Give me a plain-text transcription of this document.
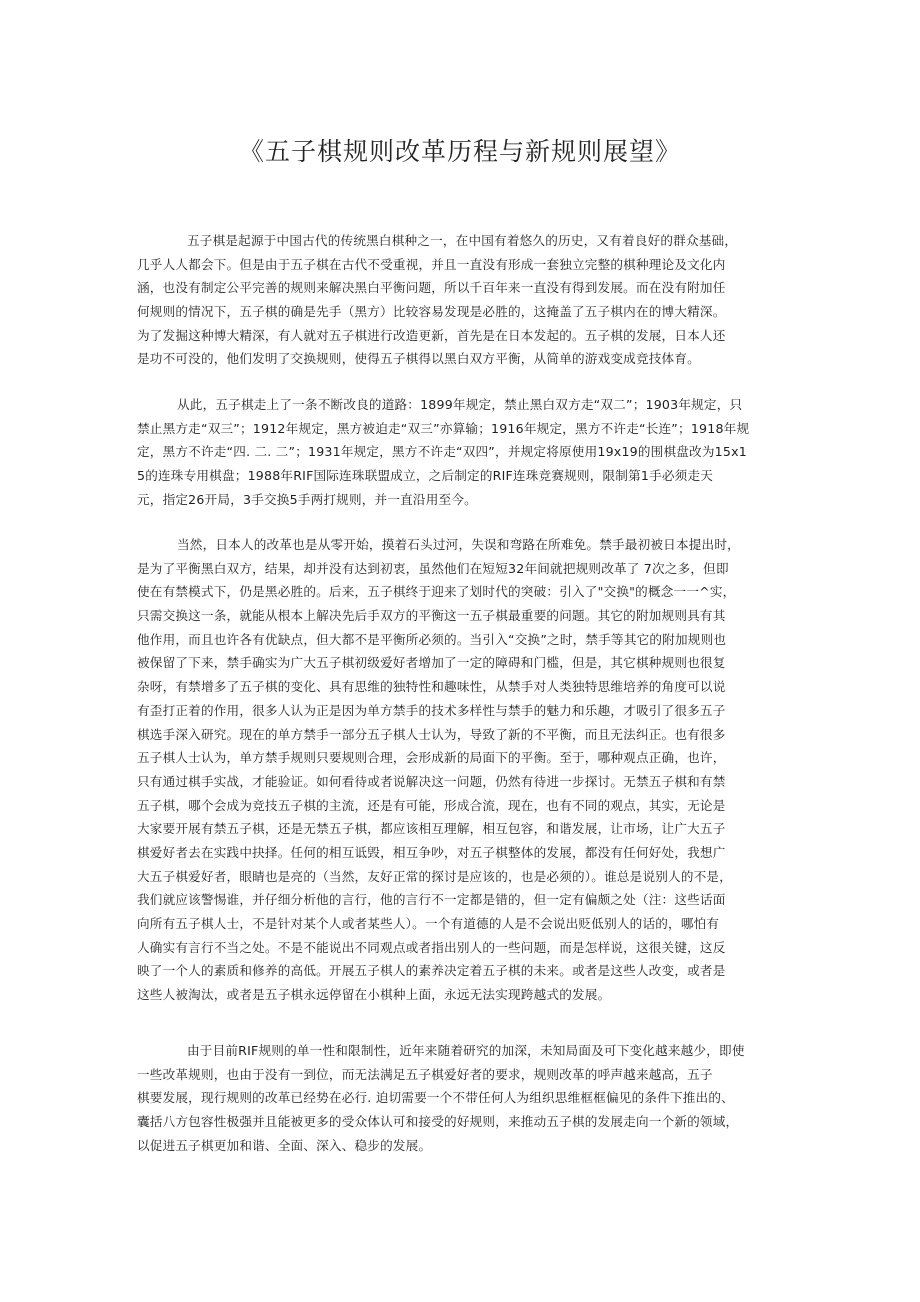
《五子棋规则改革历程与新规则展望》
五子棋是起源于中国古代的传统黑白棋种之一，在中国有着悠久的历史，又有着良好的群众基础，
几乎人人都会下。但是由于五子棋在古代不受重视，并且一直没有形成一套独立完整的棋种理论及文化内
涵，也没有制定公平完善的规则来解决黑白平衡问题，所以千百年来一直没有得到发展。而在没有附加任
何规则的情况下，五子棋的确是先手（黑方）比较容易发现是必胜的，这掩盖了五子棋内在的博大精深。
为了发掘这种博大精深，有人就对五子棋进行改造更新，首先是在日本发起的。五子棋的发展，日本人还
是功不可没的，他们发明了交换规则，使得五子棋得以黑白双方平衡，从简单的游戏变成竞技体育。
从此，五子棋走上了一条不断改良的道路：1899年规定，禁止黑白双方走“双二”；1903年规定，只
禁止黑方走“双三”；1912年规定，黑方被迫走“双三”亦算输；1916年规定，黑方不许走“长连”；1918年规
定，黑方不许走“四. 二. 二”；1931年规定，黑方不许走“双四”，并规定将原使用19x19的围棋盘改为15x1
5的连珠专用棋盘；1988年RIF国际连珠联盟成立，之后制定的RIF连珠竞赛规则，限制第1手必须走天
元，指定26开局，3手交换5手两打规则，并一直沿用至今。
当然，日本人的改革也是从零开始，摸着石头过河，失误和弯路在所难免。禁手最初被日本提出时，
是为了平衡黑白双方，结果，却并没有达到初衷，虽然他们在短短32年间就把规则改革了 7次之多，但即
使在有禁模式下，仍是黑必胜的。后来，五子棋终于迎来了划时代的突破：引入了"交换"的概念一一^实，
只需交换这一条，就能从根本上解决先后手双方的平衡这一五子棋最重要的问题。其它的附加规则具有其
他作用，而且也许各有优缺点，但大都不是平衡所必须的。当引入“交换”之时，禁手等其它的附加规则也
被保留了下来，禁手确实为广大五子棋初级爱好者增加了一定的障碍和门槛，但是，其它棋种规则也很复
杂呀，有禁增多了五子棋的变化、具有思维的独特性和趣味性，从禁手对人类独特思维培养的角度可以说
有歪打正着的作用，很多人认为正是因为单方禁手的技术多样性与禁手的魅力和乐趣，才吸引了很多五子
棋选手深入研究。现在的单方禁手一部分五子棋人士认为，导致了新的不平衡，而且无法纠正。也有很多
五子棋人士认为，单方禁手规则只要规则合理，会形成新的局面下的平衡。至于，哪种观点正确，也许，
只有通过棋手实战，才能验证。如何看待或者说解决这一问题，仍然有待进一步探讨。无禁五子棋和有禁
五子棋，哪个会成为竞技五子棋的主流，还是有可能，形成合流，现在，也有不同的观点，其实，无论是
大家要开展有禁五子棋，还是无禁五子棋，都应该相互理解，相互包容，和谐发展，让市场，让广大五子
棋爱好者去在实践中抉择。任何的相互诋毁，相互争吵，对五子棋整体的发展，都没有任何好处，我想广
大五子棋爱好者，眼睛也是亮的（当然，友好正常的探讨是应该的，也是必须的）。谁总是说别人的不是，
我们就应该警惕谁，并仔细分析他的言行，他的言行不一定都是错的，但一定有偏颇之处（注：这些话面
向所有五子棋人士，不是针对某个人或者某些人）。一个有道德的人是不会说出贬低别人的话的，哪怕有
人确实有言行不当之处。不是不能说出不同观点或者指出别人的一些问题，而是怎样说，这很关键，这反
映了一个人的素质和修养的高低。开展五子棋人的素养决定着五子棋的未来。或者是这些人改变，或者是
这些人被淘汰，或者是五子棋永远停留在小棋种上面，永远无法实现跨越式的发展。
由于目前RIF规则的单一性和限制性，近年来随着研究的加深，未知局面及可下变化越来越少，即使
一些改革规则，也由于没有一到位，而无法满足五子棋爱好者的要求，规则改革的呼声越来越高，五子
棋要发展，现行规则的改革已经势在必行. 迫切需要一个不带任何人为组织思维框框偏见的条件下推出的、
囊括八方包容性极强并且能被更多的受众体认可和接受的好规则，来推动五子棋的发展走向一个新的领域，
以促进五子棋更加和谐、全面、深入、稳步的发展。
